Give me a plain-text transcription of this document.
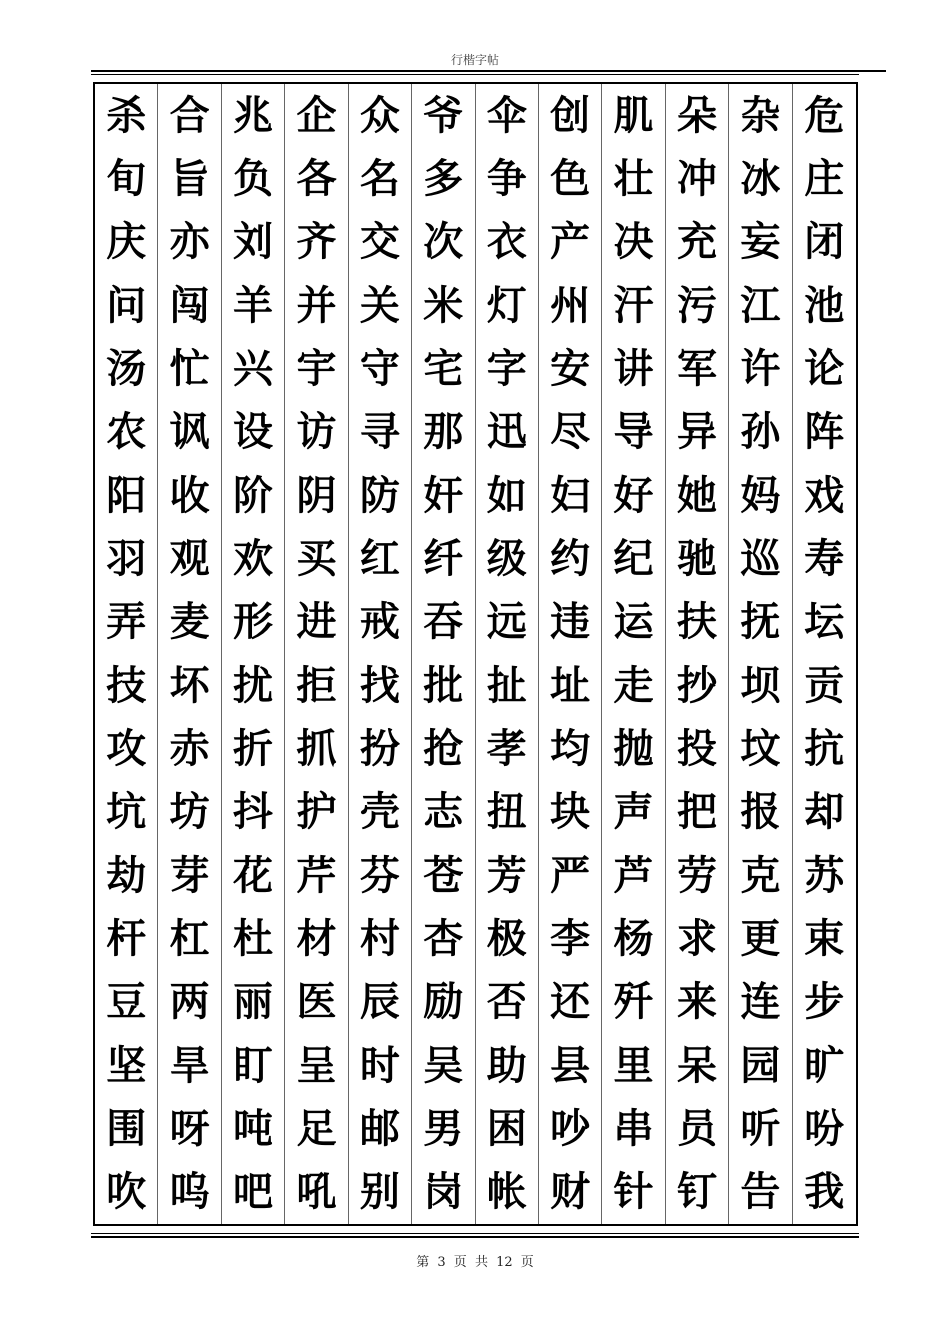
行楷字帖
杀 合 兆 企 众 爷 伞 创 肌 朵 杂 危
旬 旨 负 各 名 多 争 色 壮 冲 冰 庄
庆 亦 刘 齐 交 次 衣 产 决 充 妄 闭
问 闯 羊 并 关 米 灯 州 汗 污 江 池
汤 忙 兴 宇 守 宅 字 安 讲 军 许 论
农 讽 设 访 寻 那 迅 尽 导 异 孙 阵
阳 收 阶 阴 防 奸 如 妇 好 她 妈 戏
羽 观 欢 买 红 纤 级 约 纪 驰 巡 寿
弄 麦 形 进 戒 吞 远 违 运 扶 抚 坛
技 坏 扰 拒 找 批 扯 址 走 抄 坝 贡
攻 赤 折 抓 扮 抢 孝 均 抛 投 坟 抗
坑 坊 抖 护 壳 志 扭 块 声 把 报 却
劫 芽 花 芹 芬 苍 芳 严 芦 劳 克 苏
杆 杠 杜 材 村 杏 极 李 杨 求 更 束
豆 两 丽 医 辰 励 否 还 歼 来 连 步
坚 旱 盯 呈 时 吴 助 县 里 呆 园 旷
围 呀 吨 足 邮 男 困 吵 串 员 听 吩
吹 呜 吧 吼 别 岗 帐 财 针 钉 告 我
第 3 页 共 12 页
